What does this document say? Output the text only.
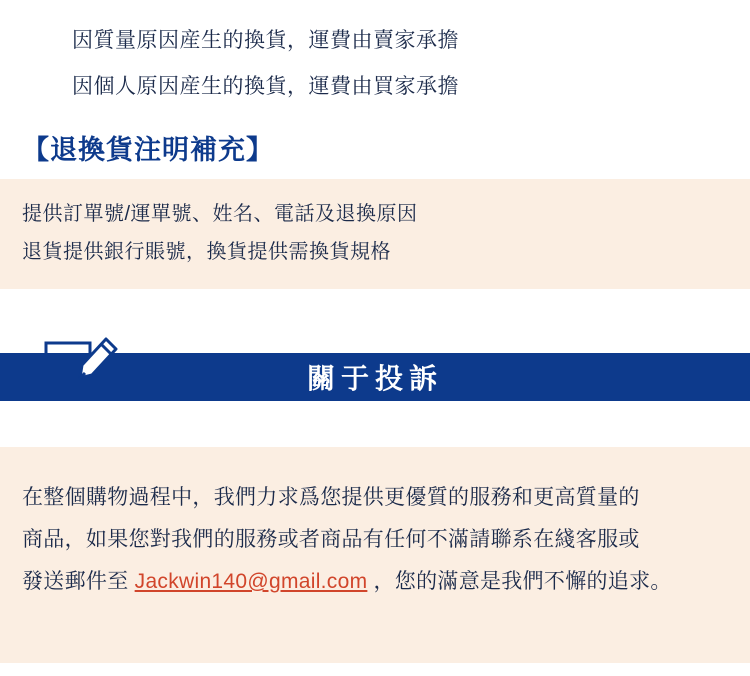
因質量原因産生的換貨，運費由賣家承擔
因個人原因産生的換貨，運費由買家承擔
【退換貨注明補充】
提供訂單號/運單號、姓名、電話及退換原因
退貨提供銀行賬號，換貨提供需換貨規格
關于投訴
在整個購物過程中，我們力求爲您提供更優質的服務和更高質量的
商品，如果您對我們的服務或者商品有任何不滿請聯系在綫客服或
發送郵件至 Jackwin140@gmail.com ，您的滿意是我們不懈的追求。
